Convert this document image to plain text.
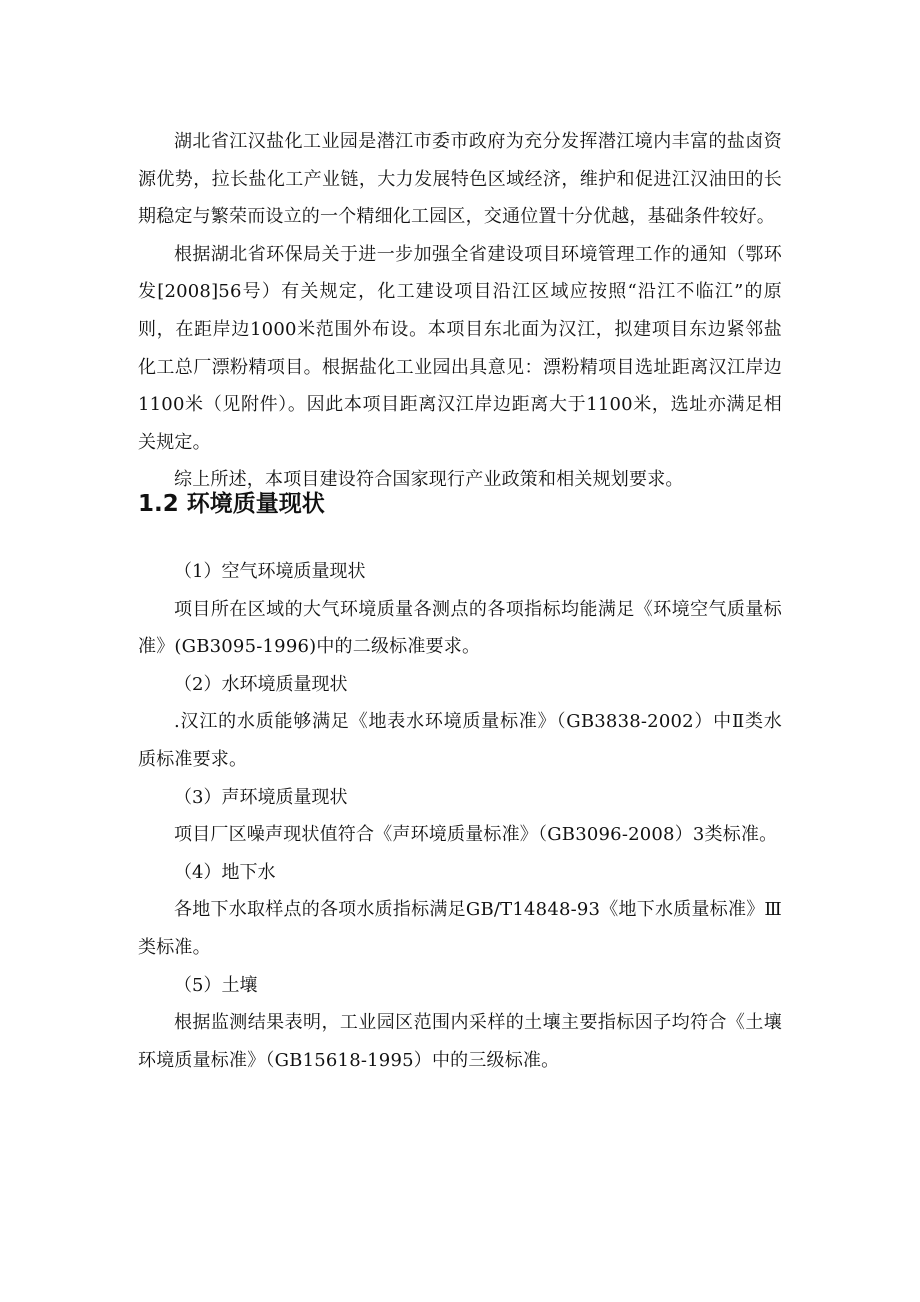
湖北省江汉盐化工业园是潜江市委市政府为充分发挥潜江境内丰富的盐卤资源优势，拉长盐化工产业链，大力发展特色区域经济，维护和促进江汉油田的长期稳定与繁荣而设立的一个精细化工园区，交通位置十分优越，基础条件较好。

根据湖北省环保局关于进一步加强全省建设项目环境管理工作的通知（鄂环发[2008]56号）有关规定，化工建设项目沿江区域应按照“沿江不临江”的原则，在距岸边1000米范围外布设。本项目东北面为汉江，拟建项目东边紧邻盐化工总厂漂粉精项目。根据盐化工业园出具意见：漂粉精项目选址距离汉江岸边1100米（见附件）。因此本项目距离汉江岸边距离大于1100米，选址亦满足相关规定。

综上所述，本项目建设符合国家现行产业政策和相关规划要求。

1.2 环境质量现状

（1）空气环境质量现状

项目所在区域的大气环境质量各测点的各项指标均能满足《环境空气质量标准》(GB3095-1996)中的二级标准要求。

（2）水环境质量现状

.汉江的水质能够满足《地表水环境质量标准》（GB3838-2002）中Ⅱ类水质标准要求。

（3）声环境质量现状

项目厂区噪声现状值符合《声环境质量标准》（GB3096-2008）3类标准。

（4）地下水

各地下水取样点的各项水质指标满足GB/T14848-93《地下水质量标准》Ⅲ类标准。

（5）土壤

根据监测结果表明，工业园区范围内采样的土壤主要指标因子均符合《土壤环境质量标准》（GB15618-1995）中的三级标准。
